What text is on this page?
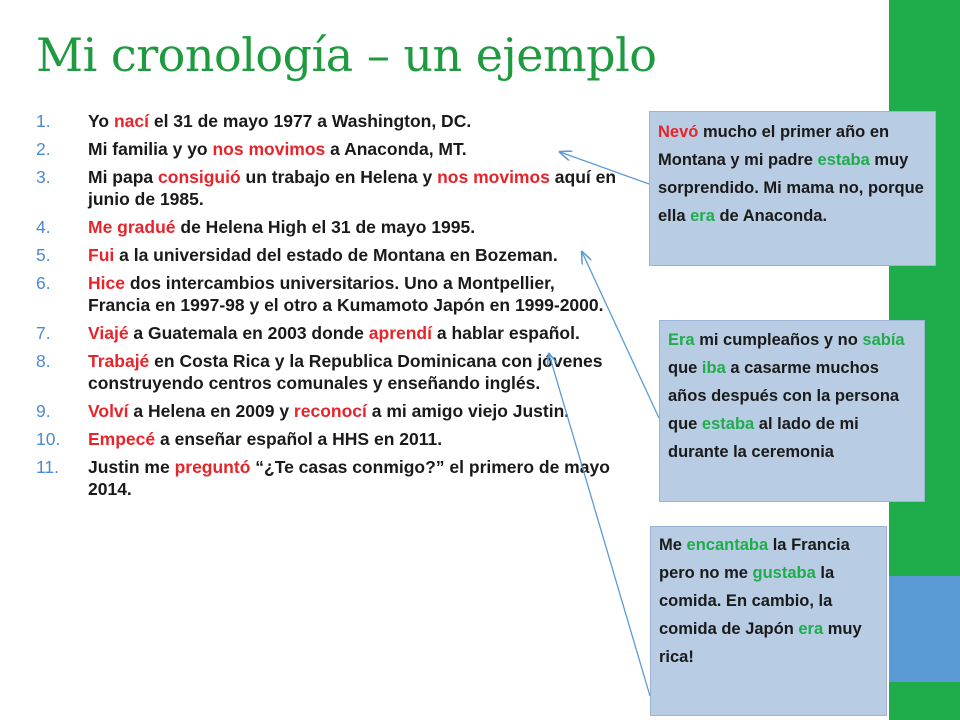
Mi cronología – un ejemplo
1.	Yo nací el 31 de mayo 1977 a Washington, DC.
2.	Mi familia y yo nos movimos a Anaconda, MT.
3.	Mi papa consiguió un trabajo en Helena y nos movimos aquí en junio de 1985.
4.	Me gradué de Helena High el 31 de mayo 1995.
5.	Fui a la universidad del estado de Montana en Bozeman.
6.	Hice dos intercambios universitarios. Uno a Montpellier, Francia en 1997-98 y el otro a Kumamoto Japón en 1999-2000.
7.	Viajé a Guatemala en 2003 donde aprendí a hablar español.
8.	Trabajé en Costa Rica y la Republica Dominicana con jóvenes construyendo centros comunales y enseñando inglés.
9.	Volví a Helena en 2009 y reconocí a mi amigo viejo Justin.
10.	Empecé a enseñar español a HHS en 2011.
11.	Justin me preguntó “¿Te casas conmigo?” el primero de mayo 2014.
Nevó mucho el primer año en Montana y mi padre estaba muy sorprendido. Mi mama no, porque ella era de Anaconda.
Era mi cumpleaños y no sabía que iba a casarme muchos años después con la persona que estaba al lado de mi durante la ceremonia
Me encantaba la Francia pero no me gustaba la comida. En cambio, la comida de Japón era muy rica!
